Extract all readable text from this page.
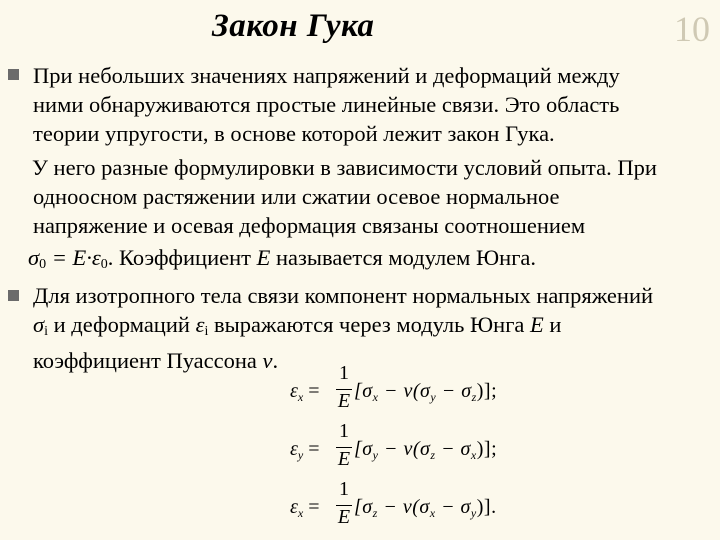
Закон Гука	10
При небольших значениях напряжений и деформаций между
ними обнаруживаются простые линейные связи. Это область
теории упругости, в основе которой лежит закон Гука.
У него разные формулировки в зависимости условий опыта. При
одноосном растяжении или сжатии осевое нормальное
напряжение и осевая деформация связаны соотношением
$\sigma_0 = E\cdot\varepsilon_0$. Коэффициент E называется модулем Юнга.
Для изотропного тела связи компонент нормальных напряжений
$\sigma_i$ и деформаций $\varepsilon_i$ выражаются через модуль Юнга E и
коэффициент Пуассона ν.
$\varepsilon_x$ =
1
E $[\sigma_x - \nu(\sigma_y - \sigma_z)]$;
$\varepsilon_y$ =
1
E $[\sigma_y - \nu(\sigma_z - \sigma_x)]$;
$\varepsilon_x$ =
1
E $[\sigma_z - \nu(\sigma_x - \sigma_y)]$.
